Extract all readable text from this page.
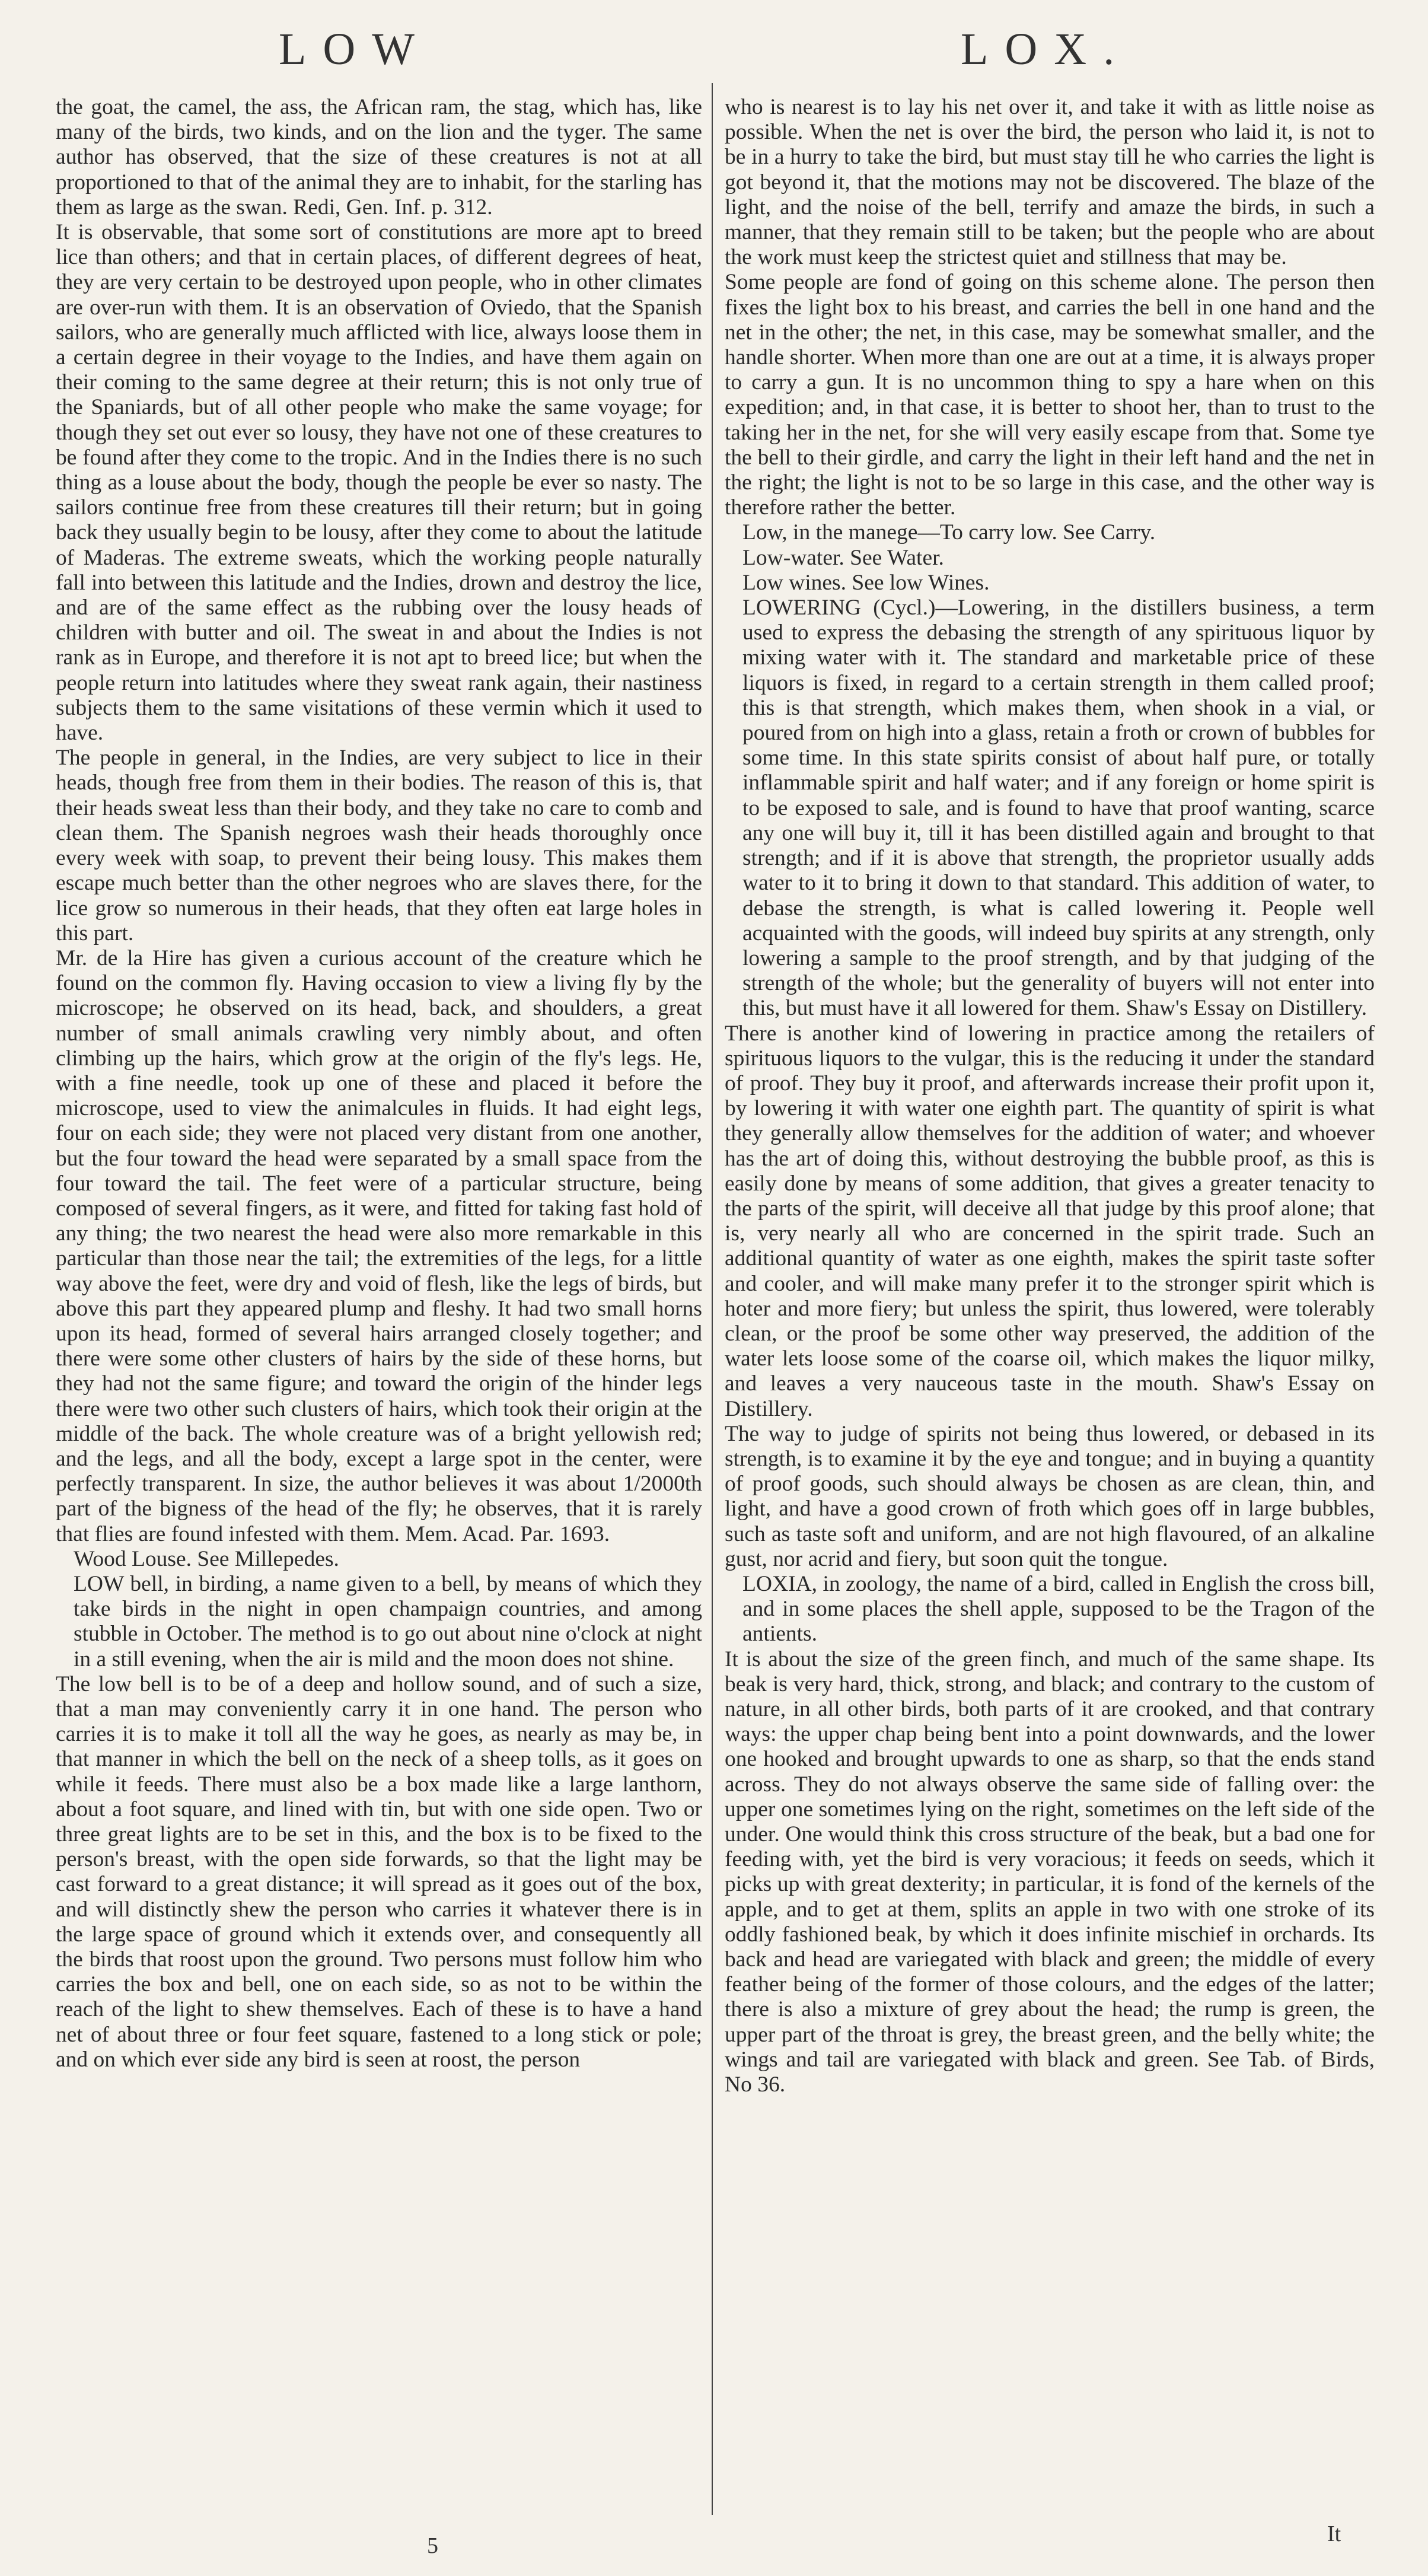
LOW	LOX.

the goat, the camel, the ass, the African ram, the stag, which has, like many of the birds, two kinds, and on the lion and the tyger. The same author has observed, that the size of these creatures is not at all proportioned to that of the animal they are to inhabit, for the starling has them as large as the swan. Redi, Gen. Inf. p. 312.

It is observable, that some sort of constitutions are more apt to breed lice than others; and that in certain places, of different degrees of heat, they are very certain to be destroyed upon people, who in other climates are over-run with them. It is an observation of Oviedo, that the Spanish sailors, who are generally much afflicted with lice, always loose them in a certain degree in their voyage to the Indies, and have them again on their coming to the same degree at their return; this is not only true of the Spaniards, but of all other people who make the same voyage; for though they set out ever so lousy, they have not one of these creatures to be found after they come to the tropic. And in the Indies there is no such thing as a louse about the body, though the people be ever so nasty. The sailors continue free from these creatures till their return; but in going back they usually begin to be lousy, after they come to about the latitude of Maderas. The extreme sweats, which the working people naturally fall into between this latitude and the Indies, drown and destroy the lice, and are of the same effect as the rubbing over the lousy heads of children with butter and oil. The sweat in and about the Indies is not rank as in Europe, and therefore it is not apt to breed lice; but when the people return into latitudes where they sweat rank again, their nastiness subjects them to the same visitations of these vermin which it used to have.

The people in general, in the Indies, are very subject to lice in their heads, though free from them in their bodies. The reason of this is, that their heads sweat less than their body, and they take no care to comb and clean them. The Spanish negroes wash their heads thoroughly once every week with soap, to prevent their being lousy. This makes them escape much better than the other negroes who are slaves there, for the lice grow so numerous in their heads, that they often eat large holes in this part.

Mr. de la Hire has given a curious account of the creature which he found on the common fly. Having occasion to view a living fly by the microscope; he observed on its head, back, and shoulders, a great number of small animals crawling very nimbly about, and often climbing up the hairs, which grow at the origin of the fly's legs. He, with a fine needle, took up one of these and placed it before the microscope, used to view the animalcules in fluids. It had eight legs, four on each side; they were not placed very distant from one another, but the four toward the head were separated by a small space from the four toward the tail. The feet were of a particular structure, being composed of several fingers, as it were, and fitted for taking fast hold of any thing; the two nearest the head were also more remarkable in this particular than those near the tail; the extremities of the legs, for a little way above the feet, were dry and void of flesh, like the legs of birds, but above this part they appeared plump and fleshy. It had two small horns upon its head, formed of several hairs arranged closely together; and there were some other clusters of hairs by the side of these horns, but they had not the same figure; and toward the origin of the hinder legs there were two other such clusters of hairs, which took their origin at the middle of the back. The whole creature was of a bright yellowish red; and the legs, and all the body, except a large spot in the center, were perfectly transparent. In size, the author believes it was about 1/2000th part of the bigness of the head of the fly; he observes, that it is rarely that flies are found infested with them. Mem. Acad. Par. 1693.

Wood Louse. See Millepedes.

LOW bell, in birding, a name given to a bell, by means of which they take birds in the night in open champaign countries, and among stubble in October. The method is to go out about nine o'clock at night in a still evening, when the air is mild and the moon does not shine.

The low bell is to be of a deep and hollow sound, and of such a size, that a man may conveniently carry it in one hand. The person who carries it is to make it toll all the way he goes, as nearly as may be, in that manner in which the bell on the neck of a sheep tolls, as it goes on while it feeds. There must also be a box made like a large lanthorn, about a foot square, and lined with tin, but with one side open. Two or three great lights are to be set in this, and the box is to be fixed to the person's breast, with the open side forwards, so that the light may be cast forward to a great distance; it will spread as it goes out of the box, and will distinctly shew the person who carries it whatever there is in the large space of ground which it extends over, and consequently all the birds that roost upon the ground. Two persons must follow him who carries the box and bell, one on each side, so as not to be within the reach of the light to shew themselves. Each of these is to have a hand net of about three or four feet square, fastened to a long stick or pole; and on which ever side any bird is seen at roost, the person

who is nearest is to lay his net over it, and take it with as little noise as possible. When the net is over the bird, the person who laid it, is not to be in a hurry to take the bird, but must stay till he who carries the light is got beyond it, that the motions may not be discovered. The blaze of the light, and the noise of the bell, terrify and amaze the birds, in such a manner, that they remain still to be taken; but the people who are about the work must keep the strictest quiet and stillness that may be.

Some people are fond of going on this scheme alone. The person then fixes the light box to his breast, and carries the bell in one hand and the net in the other; the net, in this case, may be somewhat smaller, and the handle shorter. When more than one are out at a time, it is always proper to carry a gun. It is no uncommon thing to spy a hare when on this expedition; and, in that case, it is better to shoot her, than to trust to the taking her in the net, for she will very easily escape from that. Some tye the bell to their girdle, and carry the light in their left hand and the net in the right; the light is not to be so large in this case, and the other way is therefore rather the better.

Low, in the manege—To carry low. See Carry.

Low-water. See Water.

Low wines. See low Wines.

LOWERING (Cycl.)—Lowering, in the distillers business, a term used to express the debasing the strength of any spirituous liquor by mixing water with it. The standard and marketable price of these liquors is fixed, in regard to a certain strength in them called proof; this is that strength, which makes them, when shook in a vial, or poured from on high into a glass, retain a froth or crown of bubbles for some time. In this state spirits consist of about half pure, or totally inflammable spirit and half water; and if any foreign or home spirit is to be exposed to sale, and is found to have that proof wanting, scarce any one will buy it, till it has been distilled again and brought to that strength; and if it is above that strength, the proprietor usually adds water to it to bring it down to that standard. This addition of water, to debase the strength, is what is called lowering it. People well acquainted with the goods, will indeed buy spirits at any strength, only lowering a sample to the proof strength, and by that judging of the strength of the whole; but the generality of buyers will not enter into this, but must have it all lowered for them. Shaw's Essay on Distillery.

There is another kind of lowering in practice among the retailers of spirituous liquors to the vulgar, this is the reducing it under the standard of proof. They buy it proof, and afterwards increase their profit upon it, by lowering it with water one eighth part. The quantity of spirit is what they generally allow themselves for the addition of water; and whoever has the art of doing this, without destroying the bubble proof, as this is easily done by means of some addition, that gives a greater tenacity to the parts of the spirit, will deceive all that judge by this proof alone; that is, very nearly all who are concerned in the spirit trade. Such an additional quantity of water as one eighth, makes the spirit taste softer and cooler, and will make many prefer it to the stronger spirit which is hoter and more fiery; but unless the spirit, thus lowered, were tolerably clean, or the proof be some other way preserved, the addition of the water lets loose some of the coarse oil, which makes the liquor milky, and leaves a very nauceous taste in the mouth. Shaw's Essay on Distillery.

The way to judge of spirits not being thus lowered, or debased in its strength, is to examine it by the eye and tongue; and in buying a quantity of proof goods, such should always be chosen as are clean, thin, and light, and have a good crown of froth which goes off in large bubbles, such as taste soft and uniform, and are not high flavoured, of an alkaline gust, nor acrid and fiery, but soon quit the tongue.

LOXIA, in zoology, the name of a bird, called in English the cross bill, and in some places the shell apple, supposed to be the Tragon of the antients.

It is about the size of the green finch, and much of the same shape. Its beak is very hard, thick, strong, and black; and contrary to the custom of nature, in all other birds, both parts of it are crooked, and that contrary ways: the upper chap being bent into a point downwards, and the lower one hooked and brought upwards to one as sharp, so that the ends stand across. They do not always observe the same side of falling over: the upper one sometimes lying on the right, sometimes on the left side of the under. One would think this cross structure of the beak, but a bad one for feeding with, yet the bird is very voracious; it feeds on seeds, which it picks up with great dexterity; in particular, it is fond of the kernels of the apple, and to get at them, splits an apple in two with one stroke of its oddly fashioned beak, by which it does infinite mischief in orchards. Its back and head are variegated with black and green; the middle of every feather being of the former of those colours, and the edges of the latter; there is also a mixture of grey about the head; the rump is green, the upper part of the throat is grey, the breast green, and the belly white; the wings and tail are variegated with black and green. See Tab. of Birds, No 36.

5	It
